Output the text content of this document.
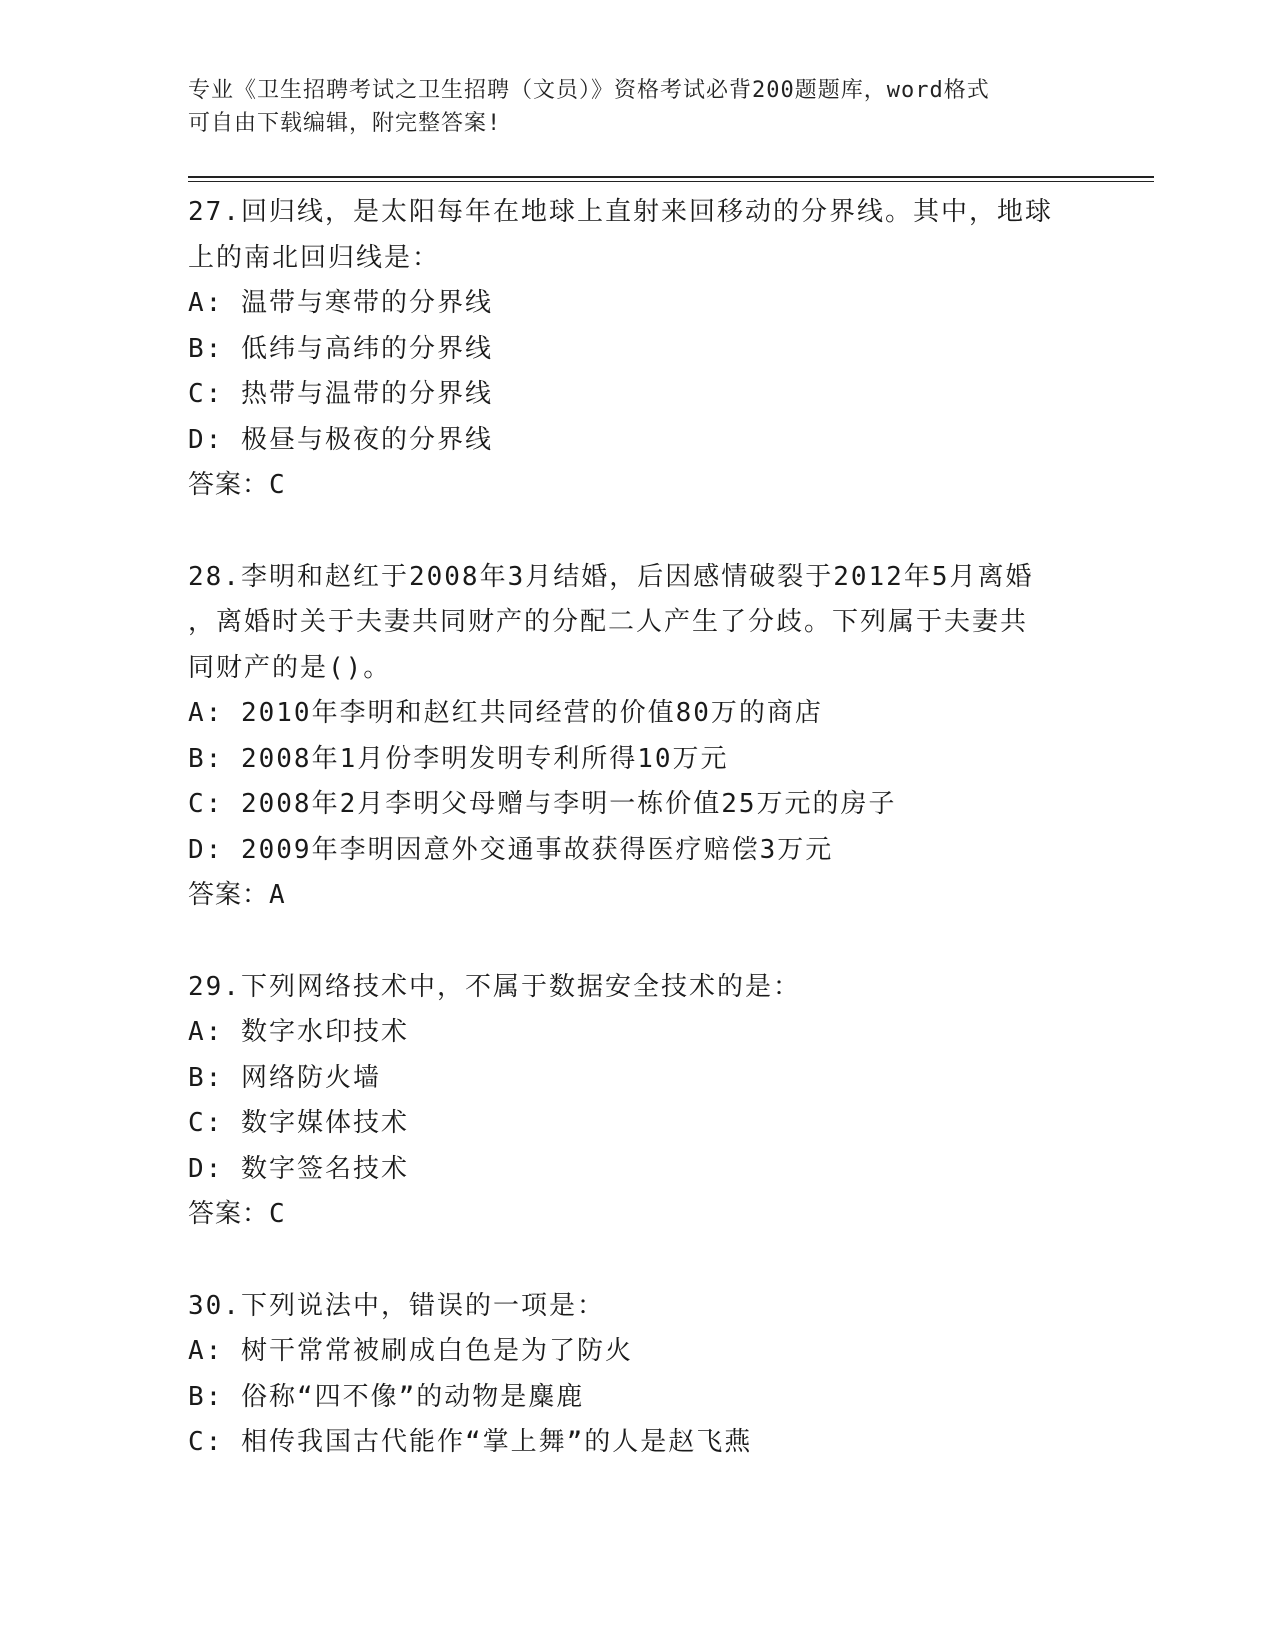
专业《卫生招聘考试之卫生招聘（文员）》资格考试必背200题题库，word格式
可自由下载编辑，附完整答案!
27.回归线，是太阳每年在地球上直射来回移动的分界线。其中，地球
上的南北回归线是：
A: 温带与寒带的分界线
B: 低纬与高纬的分界线
C: 热带与温带的分界线
D: 极昼与极夜的分界线
答案：C
28.李明和赵红于2008年3月结婚，后因感情破裂于2012年5月离婚
，离婚时关于夫妻共同财产的分配二人产生了分歧。下列属于夫妻共
同财产的是()。
A: 2010年李明和赵红共同经营的价值80万的商店
B: 2008年1月份李明发明专利所得10万元
C: 2008年2月李明父母赠与李明一栋价值25万元的房子
D: 2009年李明因意外交通事故获得医疗赔偿3万元
答案：A
29.下列网络技术中，不属于数据安全技术的是：
A: 数字水印技术
B: 网络防火墙
C: 数字媒体技术
D: 数字签名技术
答案：C
30.下列说法中，错误的一项是：
A: 树干常常被刷成白色是为了防火
B: 俗称“四不像”的动物是麋鹿
C: 相传我国古代能作“掌上舞”的人是赵飞燕
